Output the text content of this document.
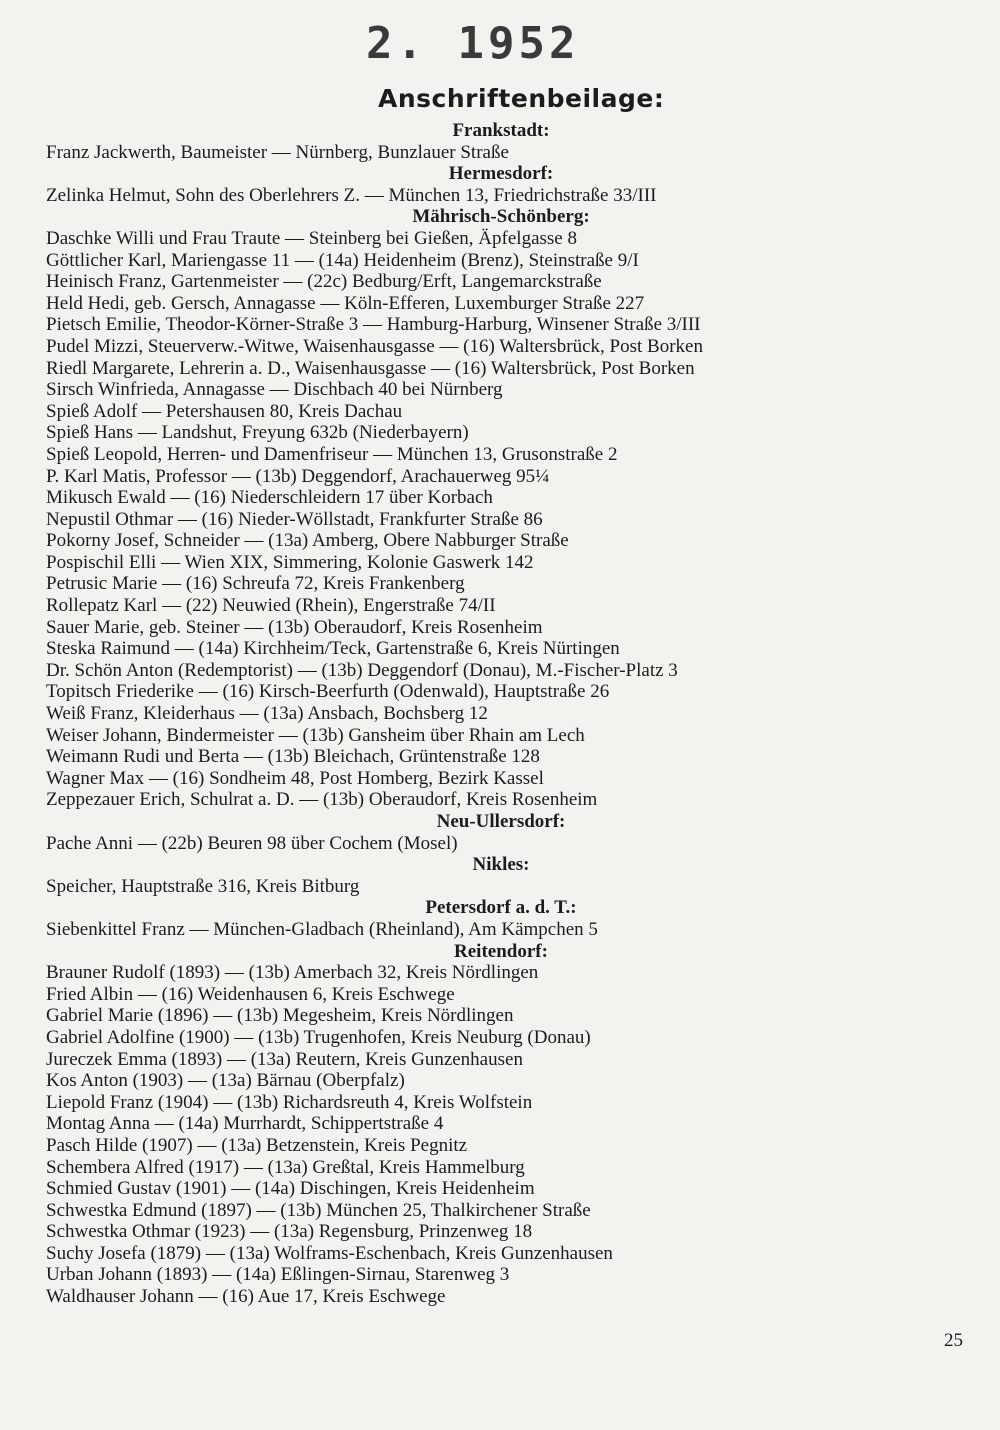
2. 1952
Anschriftenbeilage:
Frankstadt:
Franz Jackwerth, Baumeister — Nürnberg, Bunzlauer Straße
Hermesdorf:
Zelinka Helmut, Sohn des Oberlehrers Z. — München 13, Friedrichstraße 33/III
Mährisch-Schönberg:
Daschke Willi und Frau Traute — Steinberg bei Gießen, Äpfelgasse 8
Göttlicher Karl, Mariengasse 11 — (14a) Heidenheim (Brenz), Steinstraße 9/I
Heinisch Franz, Gartenmeister — (22c) Bedburg/Erft, Langemarckstraße
Held Hedi, geb. Gersch, Annagasse — Köln-Efferen, Luxemburger Straße 227
Pietsch Emilie, Theodor-Körner-Straße 3 — Hamburg-Harburg, Winsener Straße 3/III
Pudel Mizzi, Steuerverw.-Witwe, Waisenhausgasse — (16) Waltersbrück, Post Borken
Riedl Margarete, Lehrerin a. D., Waisenhausgasse — (16) Waltersbrück, Post Borken
Sirsch Winfrieda, Annagasse — Dischbach 40 bei Nürnberg
Spieß Adolf — Petershausen 80, Kreis Dachau
Spieß Hans — Landshut, Freyung 632b (Niederbayern)
Spieß Leopold, Herren- und Damenfriseur — München 13, Grusonstraße 2
P. Karl Matis, Professor — (13b) Deggendorf, Arachauerweg 95¼
Mikusch Ewald — (16) Niederschleidern 17 über Korbach
Nepustil Othmar — (16) Nieder-Wöllstadt, Frankfurter Straße 86
Pokorny Josef, Schneider — (13a) Amberg, Obere Nabburger Straße
Pospischil Elli — Wien XIX, Simmering, Kolonie Gaswerk 142
Petrusic Marie — (16) Schreufa 72, Kreis Frankenberg
Rollepatz Karl — (22) Neuwied (Rhein), Engerstraße 74/II
Sauer Marie, geb. Steiner — (13b) Oberaudorf, Kreis Rosenheim
Steska Raimund — (14a) Kirchheim/Teck, Gartenstraße 6, Kreis Nürtingen
Dr. Schön Anton (Redemptorist) — (13b) Deggendorf (Donau), M.-Fischer-Platz 3
Topitsch Friederike — (16) Kirsch-Beerfurth (Odenwald), Hauptstraße 26
Weiß Franz, Kleiderhaus — (13a) Ansbach, Bochsberg 12
Weiser Johann, Bindermeister — (13b) Gansheim über Rhain am Lech
Weimann Rudi und Berta — (13b) Bleichach, Grüntenstraße 128
Wagner Max — (16) Sondheim 48, Post Homberg, Bezirk Kassel
Zeppezauer Erich, Schulrat a. D. — (13b) Oberaudorf, Kreis Rosenheim
Neu-Ullersdorf:
Pache Anni — (22b) Beuren 98 über Cochem (Mosel)
Nikles:
Speicher, Hauptstraße 316, Kreis Bitburg
Petersdorf a. d. T.:
Siebenkittel Franz — München-Gladbach (Rheinland), Am Kämpchen 5
Reitendorf:
Brauner Rudolf (1893) — (13b) Amerbach 32, Kreis Nördlingen
Fried Albin — (16) Weidenhausen 6, Kreis Eschwege
Gabriel Marie (1896) — (13b) Megesheim, Kreis Nördlingen
Gabriel Adolfine (1900) — (13b) Trugenhofen, Kreis Neuburg (Donau)
Jureczek Emma (1893) — (13a) Reutern, Kreis Gunzenhausen
Kos Anton (1903) — (13a) Bärnau (Oberpfalz)
Liepold Franz (1904) — (13b) Richardsreuth 4, Kreis Wolfstein
Montag Anna — (14a) Murrhardt, Schippertstraße 4
Pasch Hilde (1907) — (13a) Betzenstein, Kreis Pegnitz
Schembera Alfred (1917) — (13a) Greßtal, Kreis Hammelburg
Schmied Gustav (1901) — (14a) Dischingen, Kreis Heidenheim
Schwestka Edmund (1897) — (13b) München 25, Thalkirchener Straße
Schwestka Othmar (1923) — (13a) Regensburg, Prinzenweg 18
Suchy Josefa (1879) — (13a) Wolframs-Eschenbach, Kreis Gunzenhausen
Urban Johann (1893) — (14a) Eßlingen-Sirnau, Starenweg 3
Waldhauser Johann — (16) Aue 17, Kreis Eschwege
25
